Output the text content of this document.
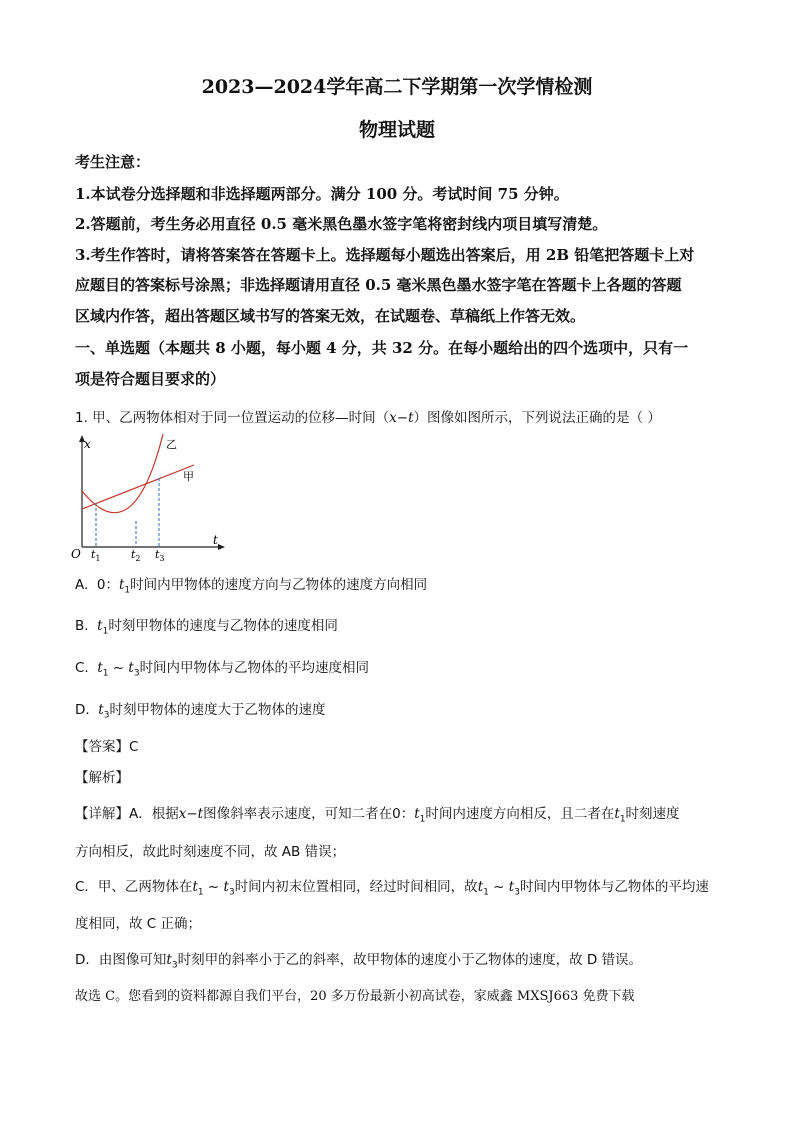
2023—2024学年高二下学期第一次学情检测
物理试题
考生注意：
1.本试卷分选择题和非选择题两部分。满分 100 分。考试时间 75 分钟。
2.答题前，考生务必用直径 0.5 毫米黑色墨水签字笔将密封线内项目填写清楚。
3.考生作答时，请将答案答在答题卡上。选择题每小题选出答案后，用 2B 铅笔把答题卡上对
应题目的答案标号涂黑；非选择题请用直径 0.5 毫米黑色墨水签字笔在答题卡上各题的答题
区域内作答，超出答题区域书写的答案无效，在试题卷、草稿纸上作答无效。
一、单选题（本题共 8 小题，每小题 4 分，共 32 分。在每小题给出的四个选项中，只有一
项是符合题目要求的）
1. 甲、乙两物体相对于同一位置运动的位移—时间（x−t）图像如图所示，下列说法正确的是（ ）
x
t
O
甲
乙
$t_1$	$t_2$ $t_3$
A. 0：$t_1$时间内甲物体的速度方向与乙物体的速度方向相同
B. $t_1$时刻甲物体的速度与乙物体的速度相同
C. $t_1$ ~ $t_3$时间内甲物体与乙物体的平均速度相同
D. $t_3$时刻甲物体的速度大于乙物体的速度
【答案】C
【解析】
【详解】A．根据x−t图像斜率表示速度，可知二者在0：$t_1$时间内速度方向相反，且二者在$t_1$时刻速度
方向相反，故此时刻速度不同，故 AB 错误；
C．甲、乙两物体在$t_1$ ~ $t_3$时间内初末位置相同，经过时间相同，故$t_1$ ~ $t_3$时间内甲物体与乙物体的平均速
度相同，故 C 正确；
D．由图像可知$t_3$时刻甲的斜率小于乙的斜率，故甲物体的速度小于乙物体的速度，故 D 错误。
故选 C。您看到的资料都源自我们平台，20 多万份最新小初高试卷，家威鑫 MXSJ663 免费下载
